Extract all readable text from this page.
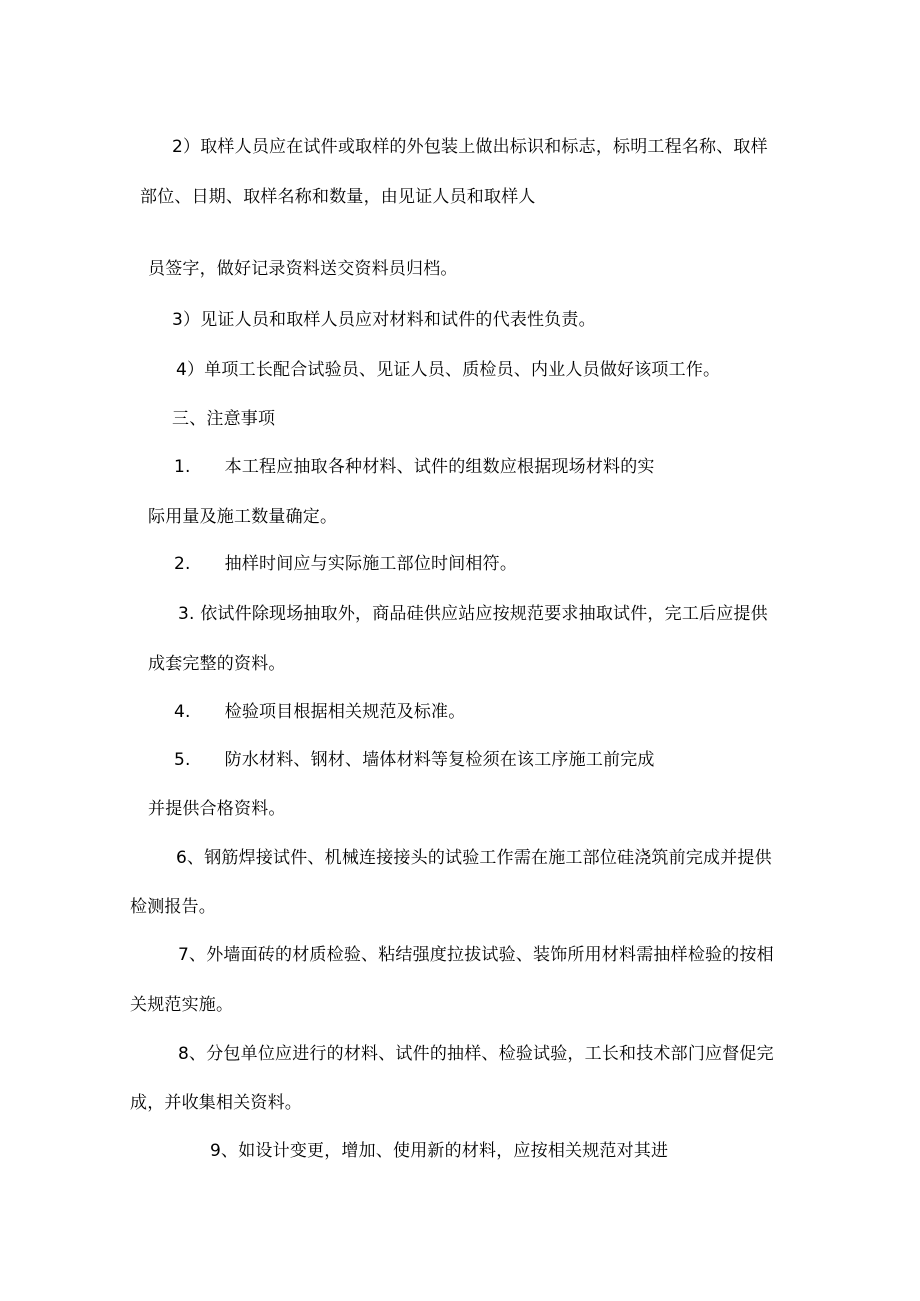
2）取样人员应在试件或取样的外包装上做出标识和标志，标明工程名称、取样
部位、日期、取样名称和数量，由见证人员和取样人
员签字，做好记录资料送交资料员归档。
3）见证人员和取样人员应对材料和试件的代表性负责。
4）单项工长配合试验员、见证人员、质检员、内业人员做好该项工作。
三、注意事项
1. 本工程应抽取各种材料、试件的组数应根据现场材料的实
际用量及施工数量确定。
2. 抽样时间应与实际施工部位时间相符。
3. 依试件除现场抽取外，商品硅供应站应按规范要求抽取试件，完工后应提供
成套完整的资料。
4. 检验项目根据相关规范及标准。
5. 防水材料、钢材、墙体材料等复检须在该工序施工前完成
并提供合格资料。
6、钢筋焊接试件、机械连接接头的试验工作需在施工部位硅浇筑前完成并提供
检测报告。
7、外墙面砖的材质检验、粘结强度拉拔试验、装饰所用材料需抽样检验的按相
关规范实施。
8、分包单位应进行的材料、试件的抽样、检验试验，工长和技术部门应督促完
成，并收集相关资料。
9、如设计变更，增加、使用新的材料，应按相关规范对其进
